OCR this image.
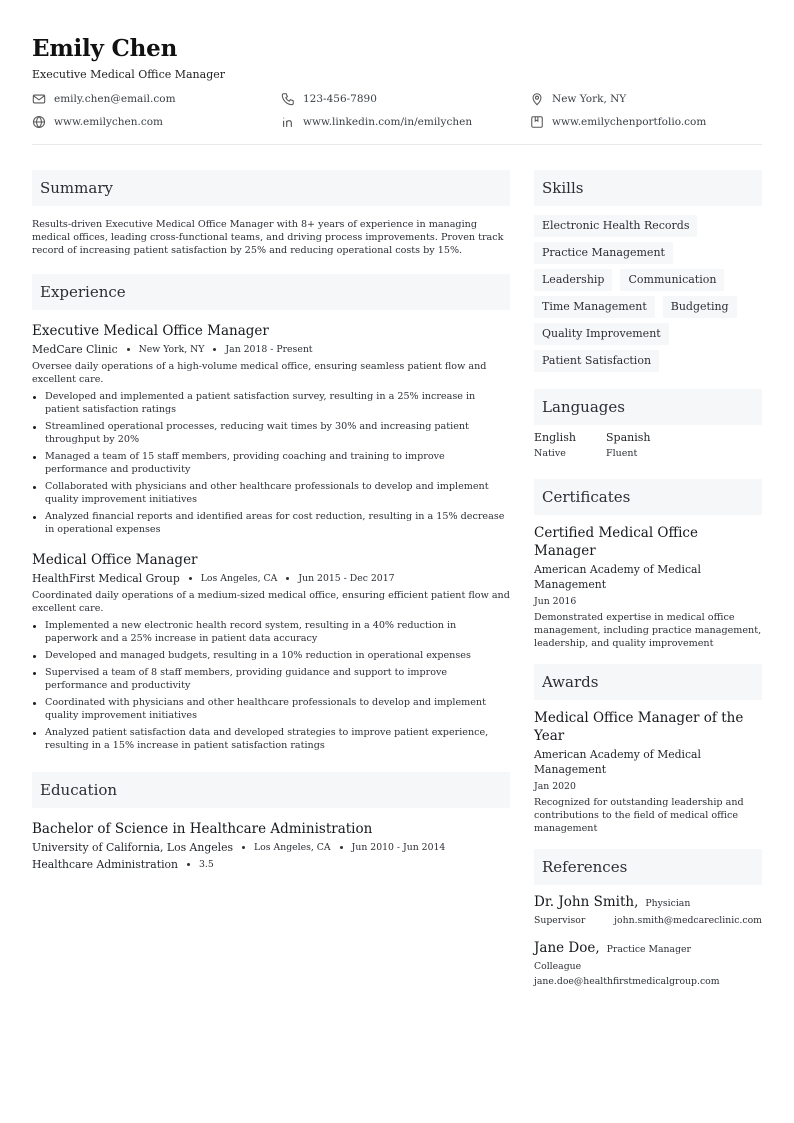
Emily Chen
Executive Medical Office Manager
emily.chen@email.com	123-456-7890	New York, NY
www.emilychen.com	www.linkedin.com/in/emilychen	www.emilychenportfolio.com
Summary
Results-driven Executive Medical Office Manager with 8+ years of experience in managing medical offices, leading cross-functional teams, and driving process improvements. Proven track record of increasing patient satisfaction by 25% and reducing operational costs by 15%.
Experience
Executive Medical Office Manager
MedCare Clinic New York, NY Jan 2018 - Present
Oversee daily operations of a high-volume medical office, ensuring seamless patient flow and excellent care.
Developed and implemented a patient satisfaction survey, resulting in a 25% increase in patient satisfaction ratings
Streamlined operational processes, reducing wait times by 30% and increasing patient throughput by 20%
Managed a team of 15 staff members, providing coaching and training to improve performance and productivity
Collaborated with physicians and other healthcare professionals to develop and implement quality improvement initiatives
Analyzed financial reports and identified areas for cost reduction, resulting in a 15% decrease in operational expenses
Medical Office Manager
HealthFirst Medical Group Los Angeles, CA Jun 2015 - Dec 2017
Coordinated daily operations of a medium-sized medical office, ensuring efficient patient flow and excellent care.
Implemented a new electronic health record system, resulting in a 40% reduction in paperwork and a 25% increase in patient data accuracy
Developed and managed budgets, resulting in a 10% reduction in operational expenses
Supervised a team of 8 staff members, providing guidance and support to improve performance and productivity
Coordinated with physicians and other healthcare professionals to develop and implement quality improvement initiatives
Analyzed patient satisfaction data and developed strategies to improve patient experience, resulting in a 15% increase in patient satisfaction ratings
Education
Bachelor of Science in Healthcare Administration
University of California, Los Angeles Los Angeles, CA Jun 2010 - Jun 2014
Healthcare Administration 3.5
Skills
Electronic Health Records
Practice Management
Leadership	Communication
Time Management	Budgeting
Quality Improvement
Patient Satisfaction
Languages
English
Native
Spanish
Fluent
Certificates
Certified Medical Office Manager
American Academy of Medical Management
Jun 2016
Demonstrated expertise in medical office management, including practice management, leadership, and quality improvement
Awards
Medical Office Manager of the Year
American Academy of Medical Management
Jan 2020
Recognized for outstanding leadership and contributions to the field of medical office management
References
Dr. John Smith, Physician
Supervisor	john.smith@medcareclinic.com
Jane Doe, Practice Manager
Colleague
jane.doe@healthfirstmedicalgroup.com
